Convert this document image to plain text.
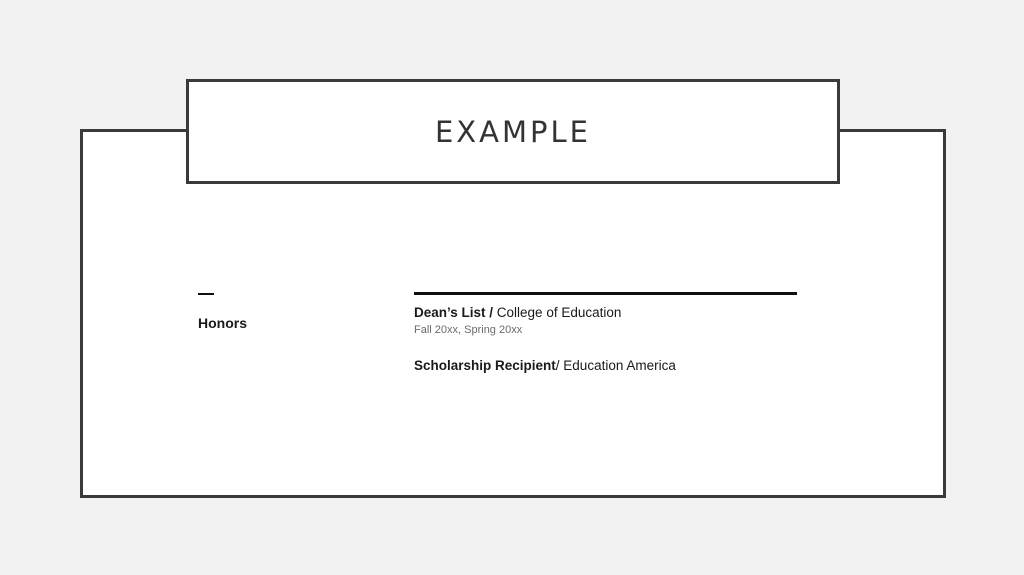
EXAMPLE
Honors
Dean’s List / College of Education
Fall 20xx, Spring 20xx
Scholarship Recipient/ Education America
